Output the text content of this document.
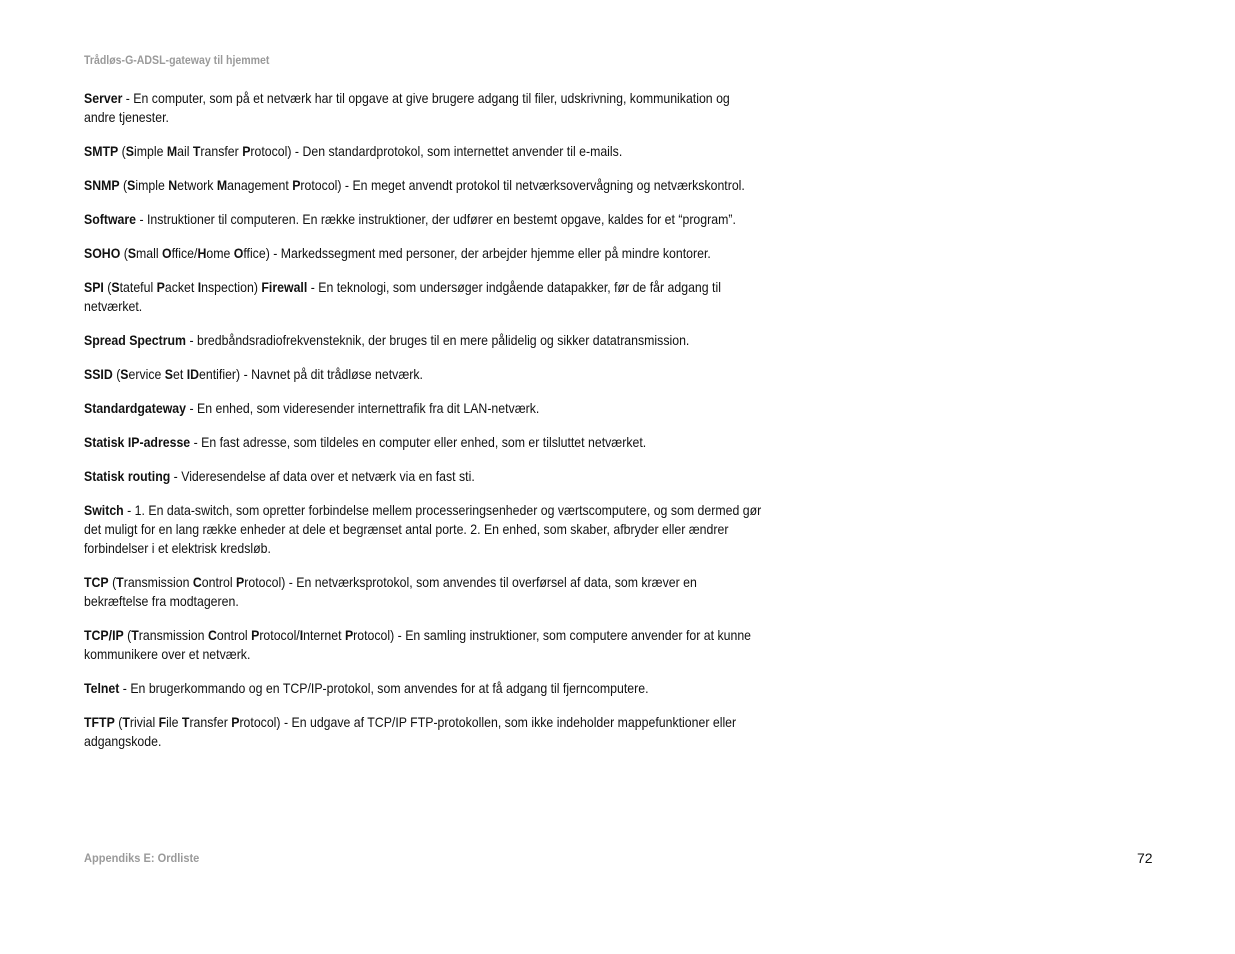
Trådløs-G-ADSL-gateway til hjemmet

Server - En computer, som på et netværk har til opgave at give brugere adgang til filer, udskrivning, kommunikation og andre tjenester.

SMTP (Simple Mail Transfer Protocol) - Den standardprotokol, som internettet anvender til e-mails.

SNMP (Simple Network Management Protocol) - En meget anvendt protokol til netværksovervågning og netværkskontrol.

Software - Instruktioner til computeren. En række instruktioner, der udfører en bestemt opgave, kaldes for et “program”.

SOHO (Small Office/Home Office) - Markedssegment med personer, der arbejder hjemme eller på mindre kontorer.

SPI (Stateful Packet Inspection) Firewall - En teknologi, som undersøger indgående datapakker, før de får adgang til netværket.

Spread Spectrum - bredbåndsradiofrekvensteknik, der bruges til en mere pålidelig og sikker datatransmission.

SSID (Service Set IDentifier) - Navnet på dit trådløse netværk.

Standardgateway - En enhed, som videresender internettrafik fra dit LAN-netværk.

Statisk IP-adresse - En fast adresse, som tildeles en computer eller enhed, som er tilsluttet netværket.

Statisk routing - Videresendelse af data over et netværk via en fast sti.

Switch - 1. En data-switch, som opretter forbindelse mellem processeringsenheder og værtscomputere, og som dermed gør det muligt for en lang række enheder at dele et begrænset antal porte. 2. En enhed, som skaber, afbryder eller ændrer forbindelser i et elektrisk kredsløb.

TCP (Transmission Control Protocol) - En netværksprotokol, som anvendes til overførsel af data, som kræver en bekræftelse fra modtageren.

TCP/IP (Transmission Control Protocol/Internet Protocol) - En samling instruktioner, som computere anvender for at kunne kommunikere over et netværk.

Telnet - En brugerkommando og en TCP/IP-protokol, som anvendes for at få adgang til fjerncomputere.

TFTP (Trivial File Transfer Protocol) - En udgave af TCP/IP FTP-protokollen, som ikke indeholder mappefunktioner eller adgangskode.

Appendiks E: Ordliste	72
